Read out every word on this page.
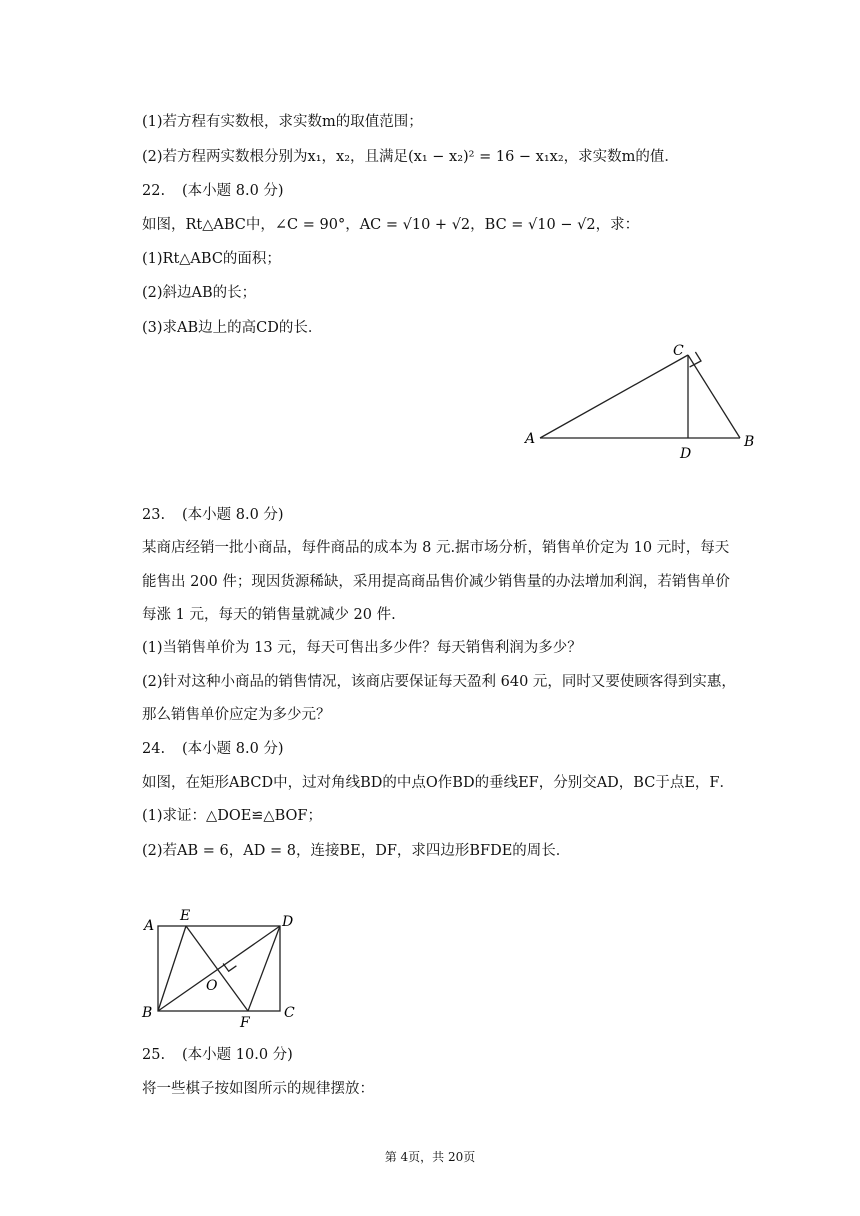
(1)若方程有实数根，求实数m的取值范围；
(2)若方程两实数根分别为x₁，x₂，且满足(x₁ − x₂)² = 16 − x₁x₂，求实数m的值．
22. (本小题 8.0 分)
如图，Rt△ABC中，∠C = 90°，AC = √10 + √2，BC = √10 − √2，求：
(1)Rt△ABC的面积；
(2)斜边AB的长；
(3)求AB边上的高CD的长．
C
A	B
D
23. (本小题 8.0 分)
某商店经销一批小商品，每件商品的成本为 8 元.据市场分析，销售单价定为 10 元时，每天
能售出 200 件；现因货源稀缺，采用提高商品售价减少销售量的办法增加利润，若销售单价
每涨 1 元，每天的销售量就减少 20 件.
(1)当销售单价为 13 元，每天可售出多少件？每天销售利润为多少？
(2)针对这种小商品的销售情况，该商店要保证每天盈利 640 元，同时又要使顾客得到实惠，
那么销售单价应定为多少元？
24. (本小题 8.0 分)
如图，在矩形ABCD中，过对角线BD的中点O作BD的垂线EF，分别交AD，BC于点E，F．
(1)求证：△DOE≌△BOF；
(2)若AB = 6，AD = 8，连接BE，DF，求四边形BFDE的周长．
A
E	D
O
B
F
C
25. (本小题 10.0 分)
将一些棋子按如图所示的规律摆放：
第 4页，共 20页
